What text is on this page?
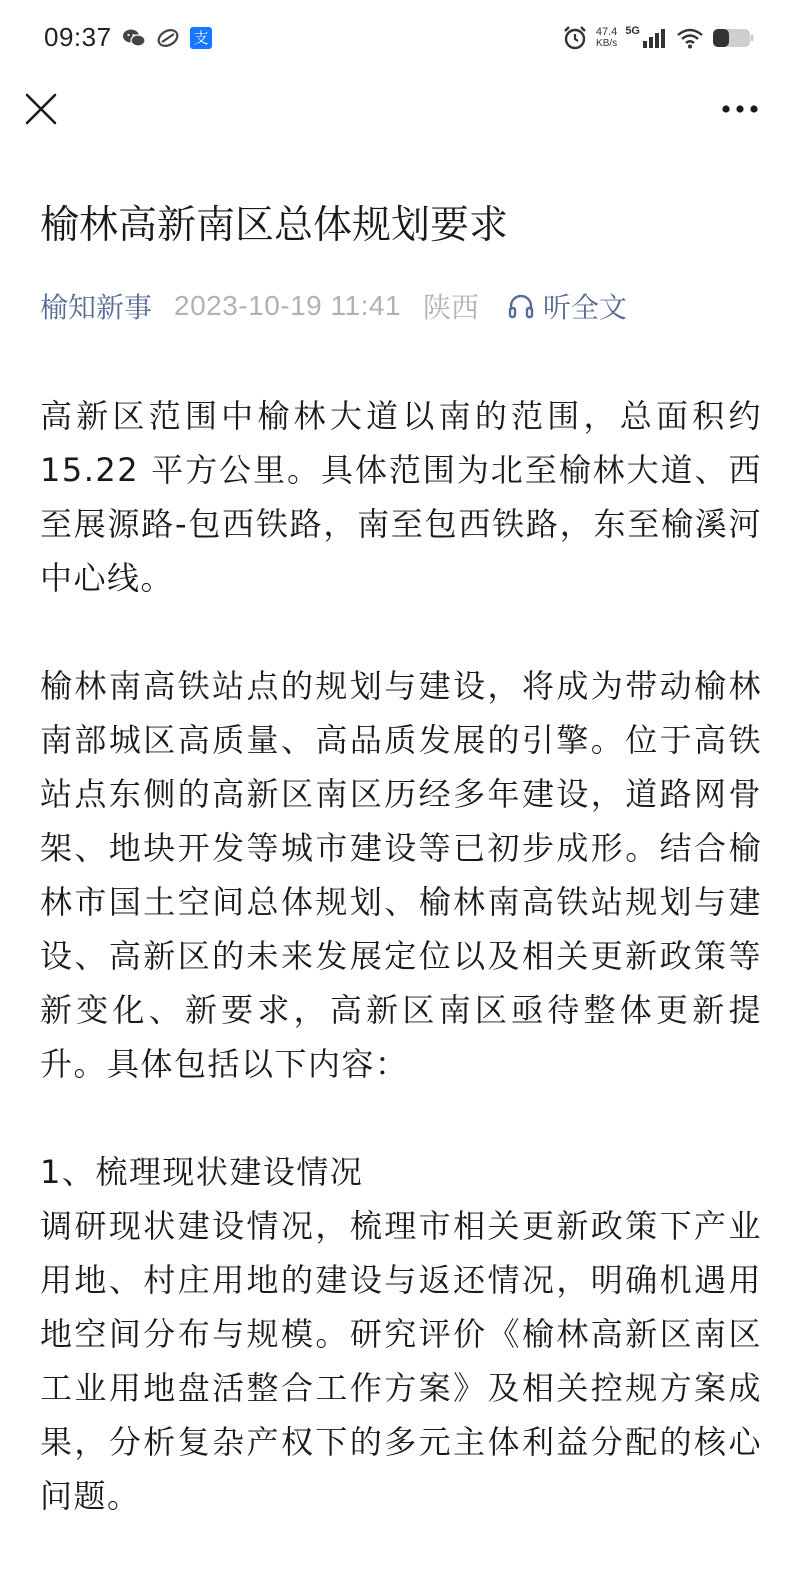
09:37	支	47.4
KB/s
5G
榆林高新南区总体规划要求
榆知新事 2023-10-19 11:41 陕西 听全文

高新区范围中榆林大道以南的范围，总面积约15.22 平方公里。具体范围为北至榆林大道、西至展源路-包西铁路，南至包西铁路，东至榆溪河中心线。

榆林南高铁站点的规划与建设，将成为带动榆林南部城区高质量、高品质发展的引擎。位于高铁站点东侧的高新区南区历经多年建设，道路网骨架、地块开发等城市建设等已初步成形。结合榆林市国土空间总体规划、榆林南高铁站规划与建设、高新区的未来发展定位以及相关更新政策等新变化、新要求，高新区南区亟待整体更新提升。具体包括以下内容：

1、梳理现状建设情况

调研现状建设情况，梳理市相关更新政策下产业用地、村庄用地的建设与返还情况，明确机遇用地空间分布与规模。研究评价《榆林高新区南区工业用地盘活整合工作方案》及相关控规方案成果，分析复杂产权下的多元主体利益分配的核心问题。
